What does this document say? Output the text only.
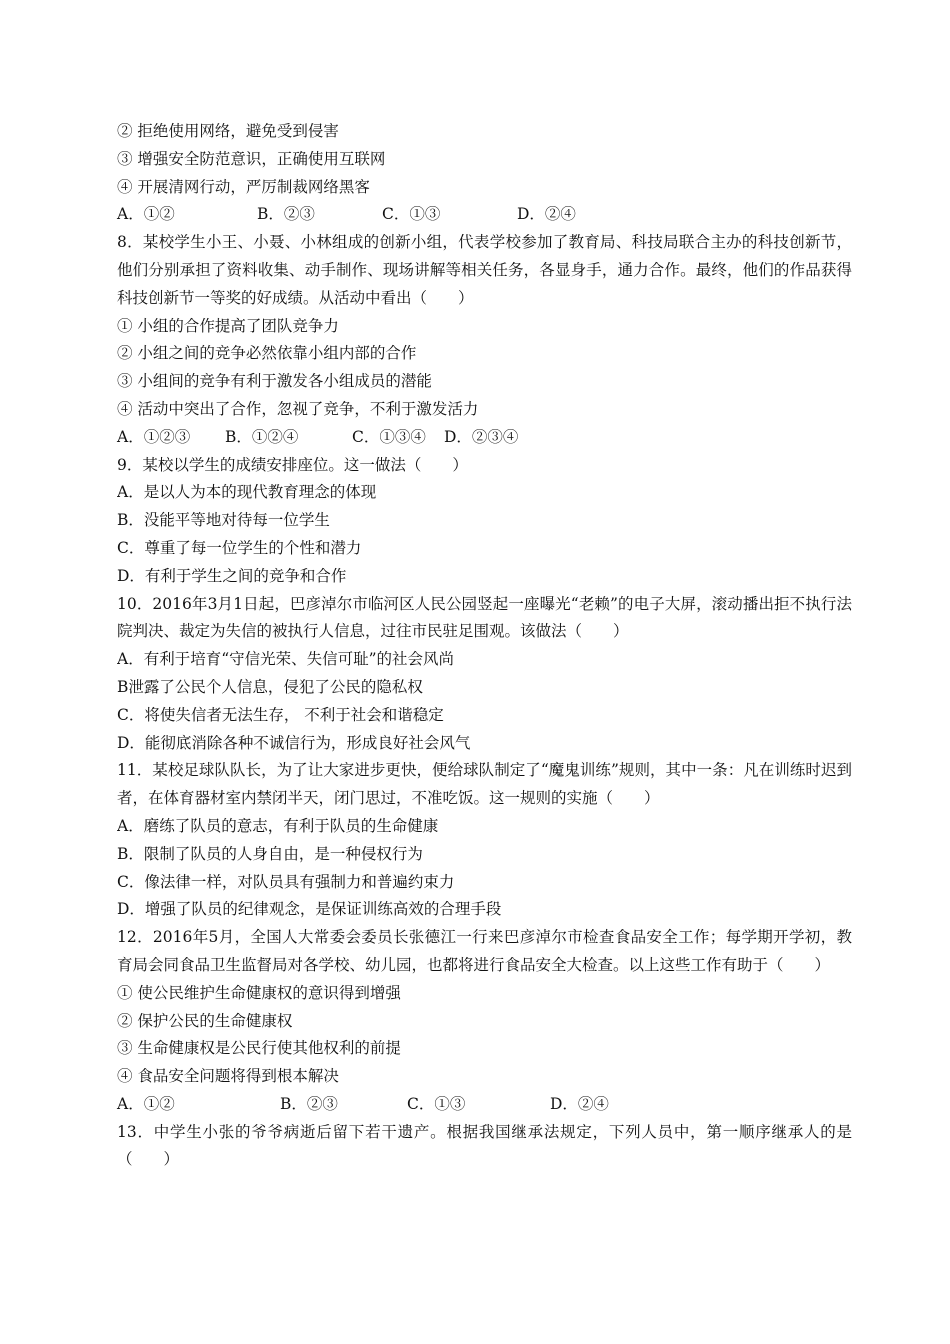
② 拒绝使用网络，避免受到侵害
③ 增强安全防范意识，正确使用互联网
④ 开展清网行动，严厉制裁网络黑客
A．①②	B．②③	C．①③	D．②④
8．某校学生小王、小聂、小林组成的创新小组，代表学校参加了教育局、科技局联合主办的科技创新节，他们分别承担了资料收集、动手制作、现场讲解等相关任务，各显身手，通力合作。最终，他们的作品获得科技创新节一等奖的好成绩。从活动中看出（　　）
① 小组的合作提高了团队竞争力
② 小组之间的竞争必然依靠小组内部的合作
③ 小组间的竞争有利于激发各小组成员的潜能
④ 活动中突出了合作，忽视了竞争，不利于激发活力
A．①②③	B．①②④	C．①③④	D．②③④
9．某校以学生的成绩安排座位。这一做法（　　）
A．是以人为本的现代教育理念的体现
B．没能平等地对待每一位学生
C．尊重了每一位学生的个性和潜力
D．有利于学生之间的竞争和合作
10．2016年3月1日起，巴彦淖尔市临河区人民公园竖起一座曝光“老赖”的电子大屏，滚动播出拒不执行法院判决、裁定为失信的被执行人信息，过往市民驻足围观。该做法（　　）
A．有利于培育“守信光荣、失信可耻”的社会风尚
B泄露了公民个人信息，侵犯了公民的隐私权
C．将使失信者无法生存， 不利于社会和谐稳定
D．能彻底消除各种不诚信行为，形成良好社会风气
11．某校足球队队长，为了让大家进步更快，便给球队制定了“魔鬼训练”规则，其中一条：凡在训练时迟到者，在体育器材室内禁闭半天，闭门思过，不准吃饭。这一规则的实施（　　）
A．磨练了队员的意志，有利于队员的生命健康
B．限制了队员的人身自由，是一种侵权行为
C．像法律一样，对队员具有强制力和普遍约束力
D．增强了队员的纪律观念，是保证训练高效的合理手段
12．2016年5月，全国人大常委会委员长张德江一行来巴彦淖尔市检查食品安全工作；每学期开学初，教育局会同食品卫生监督局对各学校、幼儿园，也都将进行食品安全大检查。以上这些工作有助于（　　）
① 使公民维护生命健康权的意识得到增强
② 保护公民的生命健康权
③ 生命健康权是公民行使其他权利的前提
④ 食品安全问题将得到根本解决
A．①②	B．②③	C．①③	D．②④
13．中学生小张的爷爷病逝后留下若干遗产。根据我国继承法规定，下列人员中，第一顺序继承人的是（　　）
